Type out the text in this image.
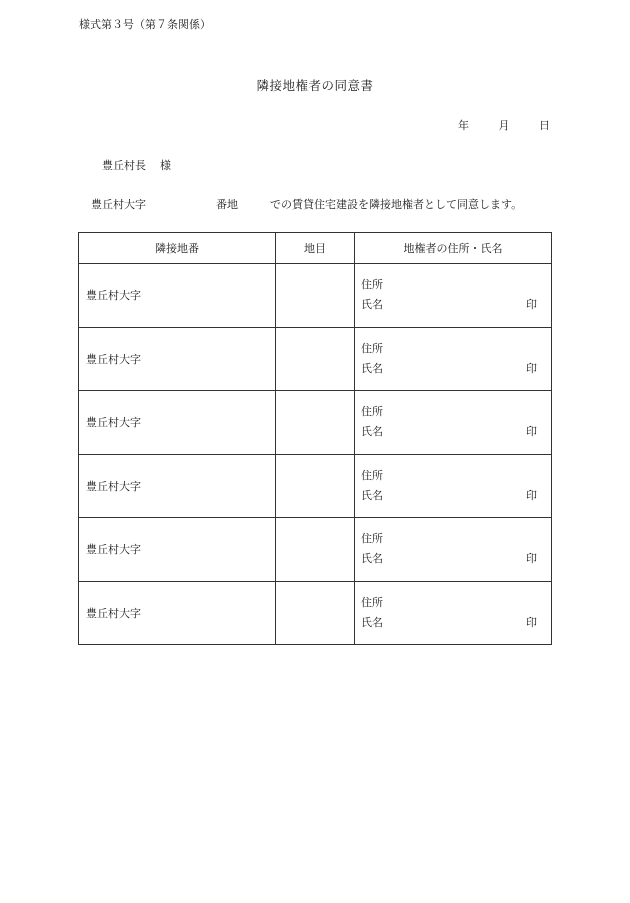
様式第３号（第７条関係）
隣接地権者の同意書
年	月	日
豊丘村長 様
豊丘村大字	番地	での賃貸住宅建設を隣接地権者として同意します。
隣接地番	地目	地権者の住所・氏名
豊丘村大字		住所
氏名 印

豊丘村大字		住所
氏名 印

豊丘村大字		住所
氏名 印

豊丘村大字		住所
氏名 印

豊丘村大字		住所
氏名 印

豊丘村大字		住所
氏名 印
